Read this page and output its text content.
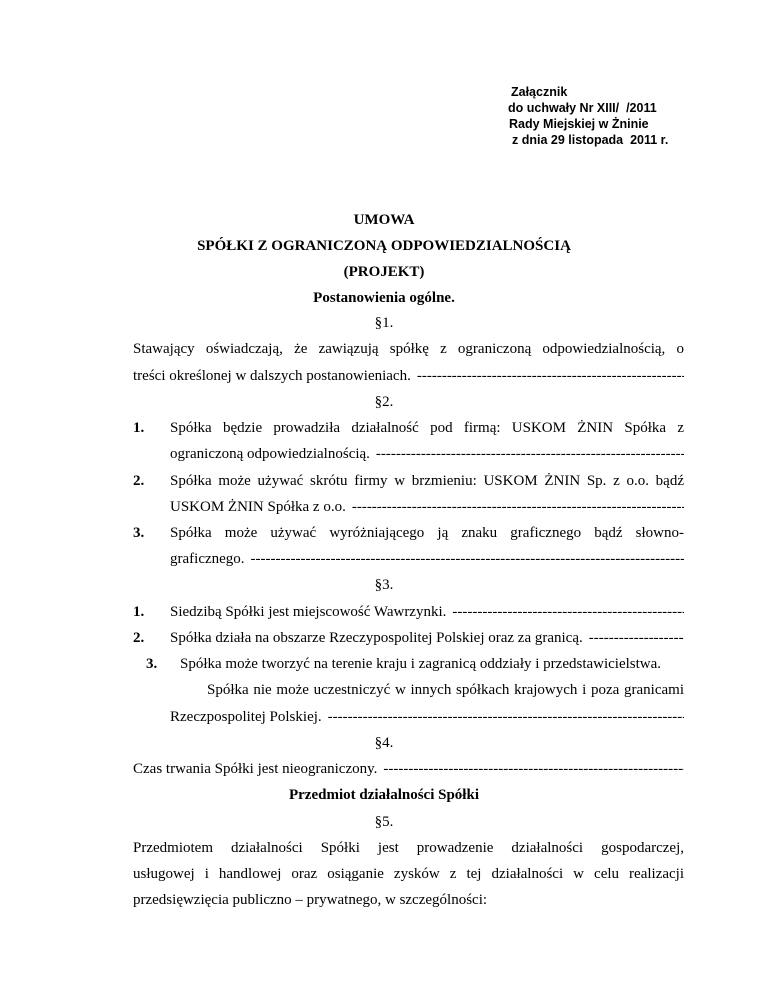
Załącznik
do uchwały Nr XIII/  /2011
Rady Miejskiej w Żninie
z dnia 29 listopada  2011 r.
UMOWA
SPÓŁKI Z OGRANICZONĄ ODPOWIEDZIALNOŚCIĄ
(PROJEKT)
Postanowienia ogólne.
§1.
Stawający oświadczają, że zawiązują spółkę z ograniczoną odpowiedzialnością, o
treści określonej w dalszych postanowieniach.
-----
§2.
1. Spółka będzie prowadziła działalność pod firmą: USKOM ŻNIN Spółka z
ograniczoną odpowiedzialnością.
-----
2. Spółka może używać skrótu firmy w brzmieniu: USKOM ŻNIN Sp. z o.o. bądź
USKOM ŻNIN Spółka z o.o.
-----
3. Spółka może używać wyróżniającego ją znaku graficznego bądź słowno-
graficznego.
-----
§3.
1. Siedzibą Spółki jest miejscowość Wawrzynki.
-----
2. Spółka działa na obszarze Rzeczypospolitej Polskiej oraz za granicą.
-----
3. Spółka może tworzyć na terenie kraju i zagranicą oddziały i przedstawicielstwa.
Spółka nie może uczestniczyć w innych spółkach krajowych i poza granicami
Rzeczpospolitej Polskiej.
-----
§4.
Czas trwania Spółki jest nieograniczony.
-----
Przedmiot działalności Spółki
§5.
Przedmiotem działalności Spółki jest prowadzenie działalności gospodarczej,
usługowej i handlowej oraz osiąganie zysków z tej działalności w celu realizacji
przedsięwzięcia publiczno – prywatnego, w szczególności:
